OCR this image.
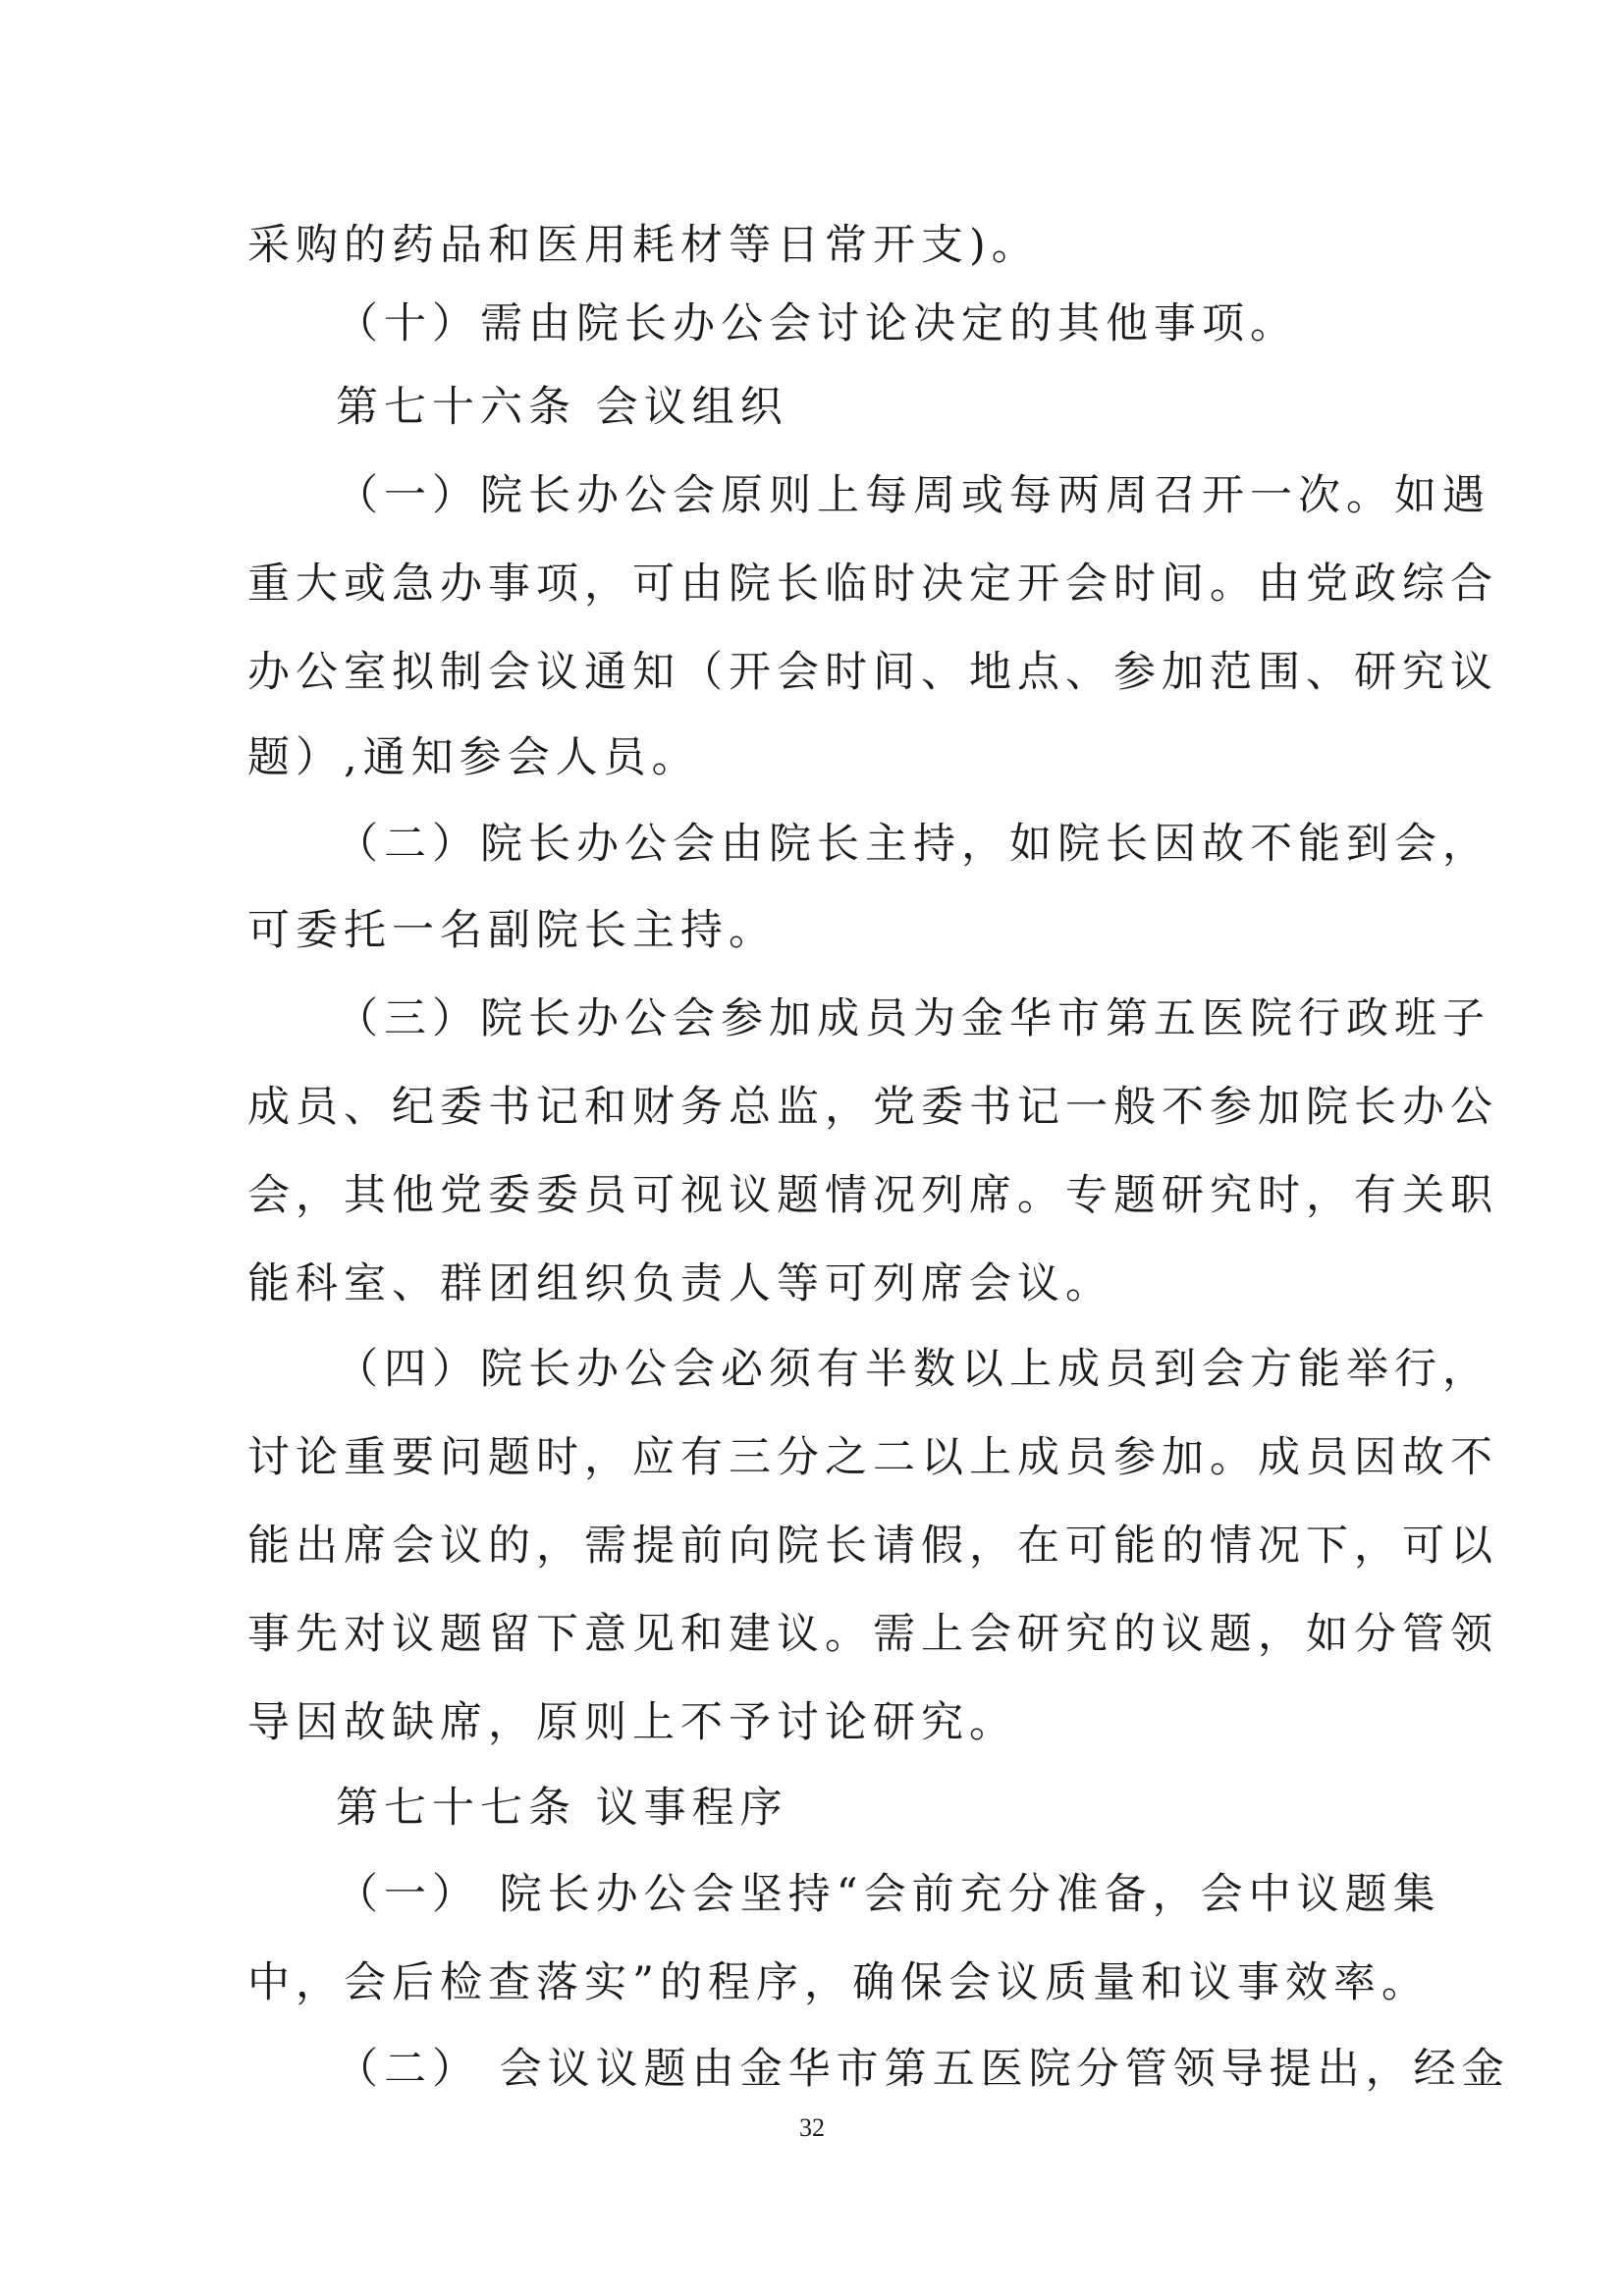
采购的药品和医用耗材等日常开支)。
（十）需由院长办公会讨论决定的其他事项。
第七十六条 会议组织
（一）院长办公会原则上每周或每两周召开一次。如遇
重大或急办事项，可由院长临时决定开会时间。由党政综合
办公室拟制会议通知（开会时间、地点、参加范围、研究议
题）,通知参会人员。
（二）院长办公会由院长主持，如院长因故不能到会，
可委托一名副院长主持。
（三）院长办公会参加成员为金华市第五医院行政班子
成员、纪委书记和财务总监，党委书记一般不参加院长办公
会，其他党委委员可视议题情况列席。专题研究时，有关职
能科室、群团组织负责人等可列席会议。
（四）院长办公会必须有半数以上成员到会方能举行，
讨论重要问题时，应有三分之二以上成员参加。成员因故不
能出席会议的，需提前向院长请假，在可能的情况下，可以
事先对议题留下意见和建议。需上会研究的议题，如分管领
导因故缺席，原则上不予讨论研究。
第七十七条 议事程序
（一） 院长办公会坚持“会前充分准备，会中议题集
中，会后检查落实”的程序，确保会议质量和议事效率。
（二） 会议议题由金华市第五医院分管领导提出，经金
32
